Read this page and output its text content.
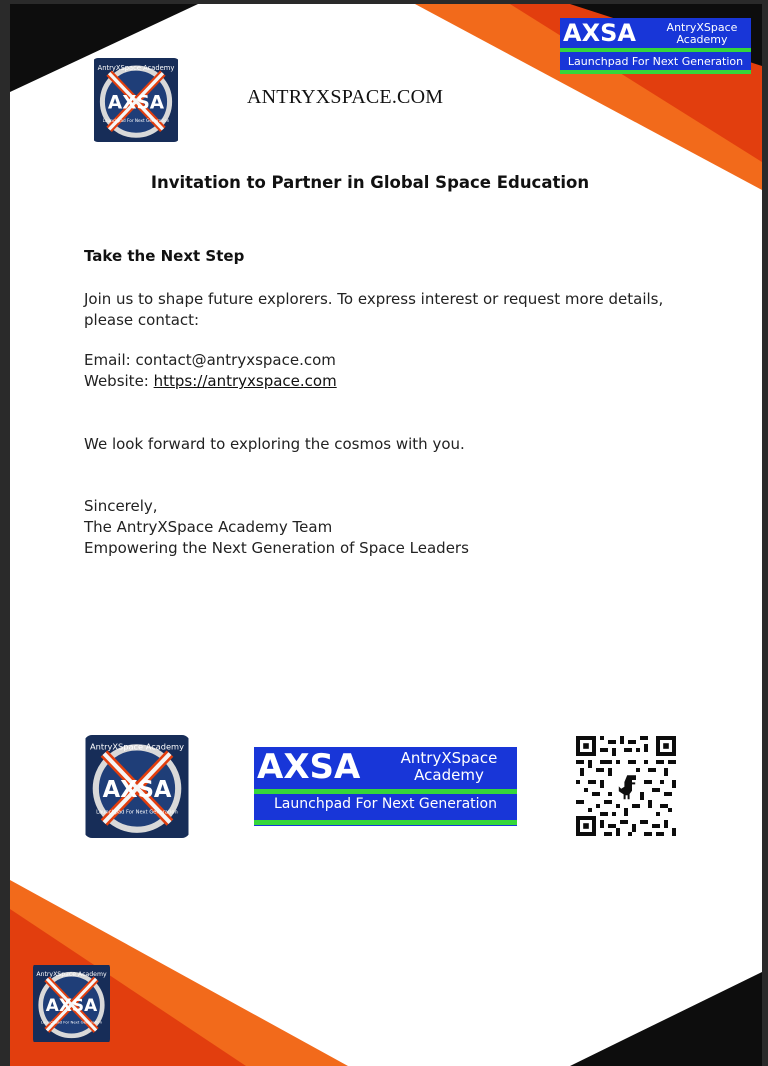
AXSA	AntryXSpace
Academy
Launchpad For Next Generation
AXSA
AntryXSpace Academy
Launchpad For Next Generation
ANTRYXSPACE.COM
Invitation to Partner in Global Space Education
Take the Next Step
Join us to shape future explorers. To express interest or request more details,
please contact:
Email: contact@antryxspace.com
Website: https://antryxspace.com
We look forward to exploring the cosmos with you.
Sincerely,
The AntryXSpace Academy Team
Empowering the Next Generation of Space Leaders
AXSA
AntryXSpace Academy
Launchpad For Next Generation
AXSA	AntryXSpace
Academy
Launchpad For Next Generation
AXSA
AntryXSpace Academy
Launchpad For Next Generation
